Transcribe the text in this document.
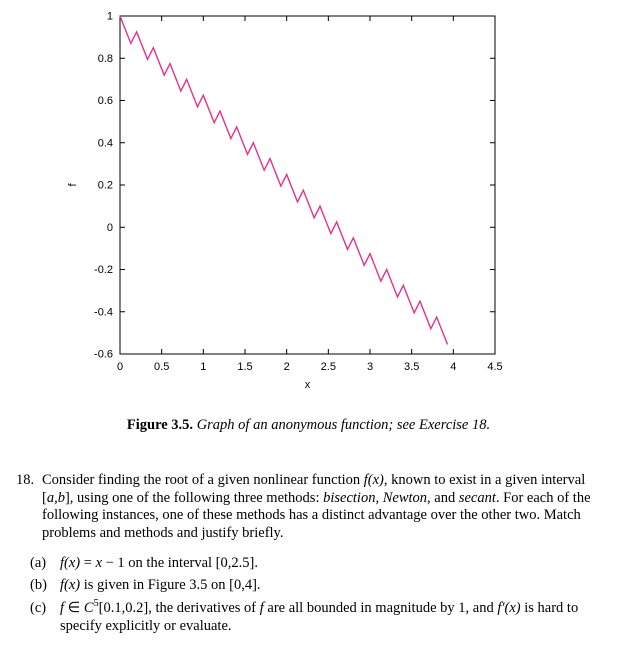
0	0.5	1	1.5	2	2.5	3	3.5	4	4.5
-0.6
-0.4
-0.2
0
0.2
0.4
0.6
0.8
1
x
f
Figure 3.5. Graph of an anonymous function; see Exercise 18.
18. Consider finding the root of a given nonlinear function f(x), known to exist in a given interval [a,b], using one of the following three methods: bisection, Newton, and secant. For each of the following instances, one of these methods has a distinct advantage over the other two. Match problems and methods and justify briefly.
(a) f(x) = x − 1 on the interval [0,2.5].
(b) f(x) is given in Figure 3.5 on [0,4].
(c) f ∈ $C^5[0.1,0.2]$, the derivatives of f are all bounded in magnitude by 1, and f′(x) is hard to specify explicitly or evaluate.
